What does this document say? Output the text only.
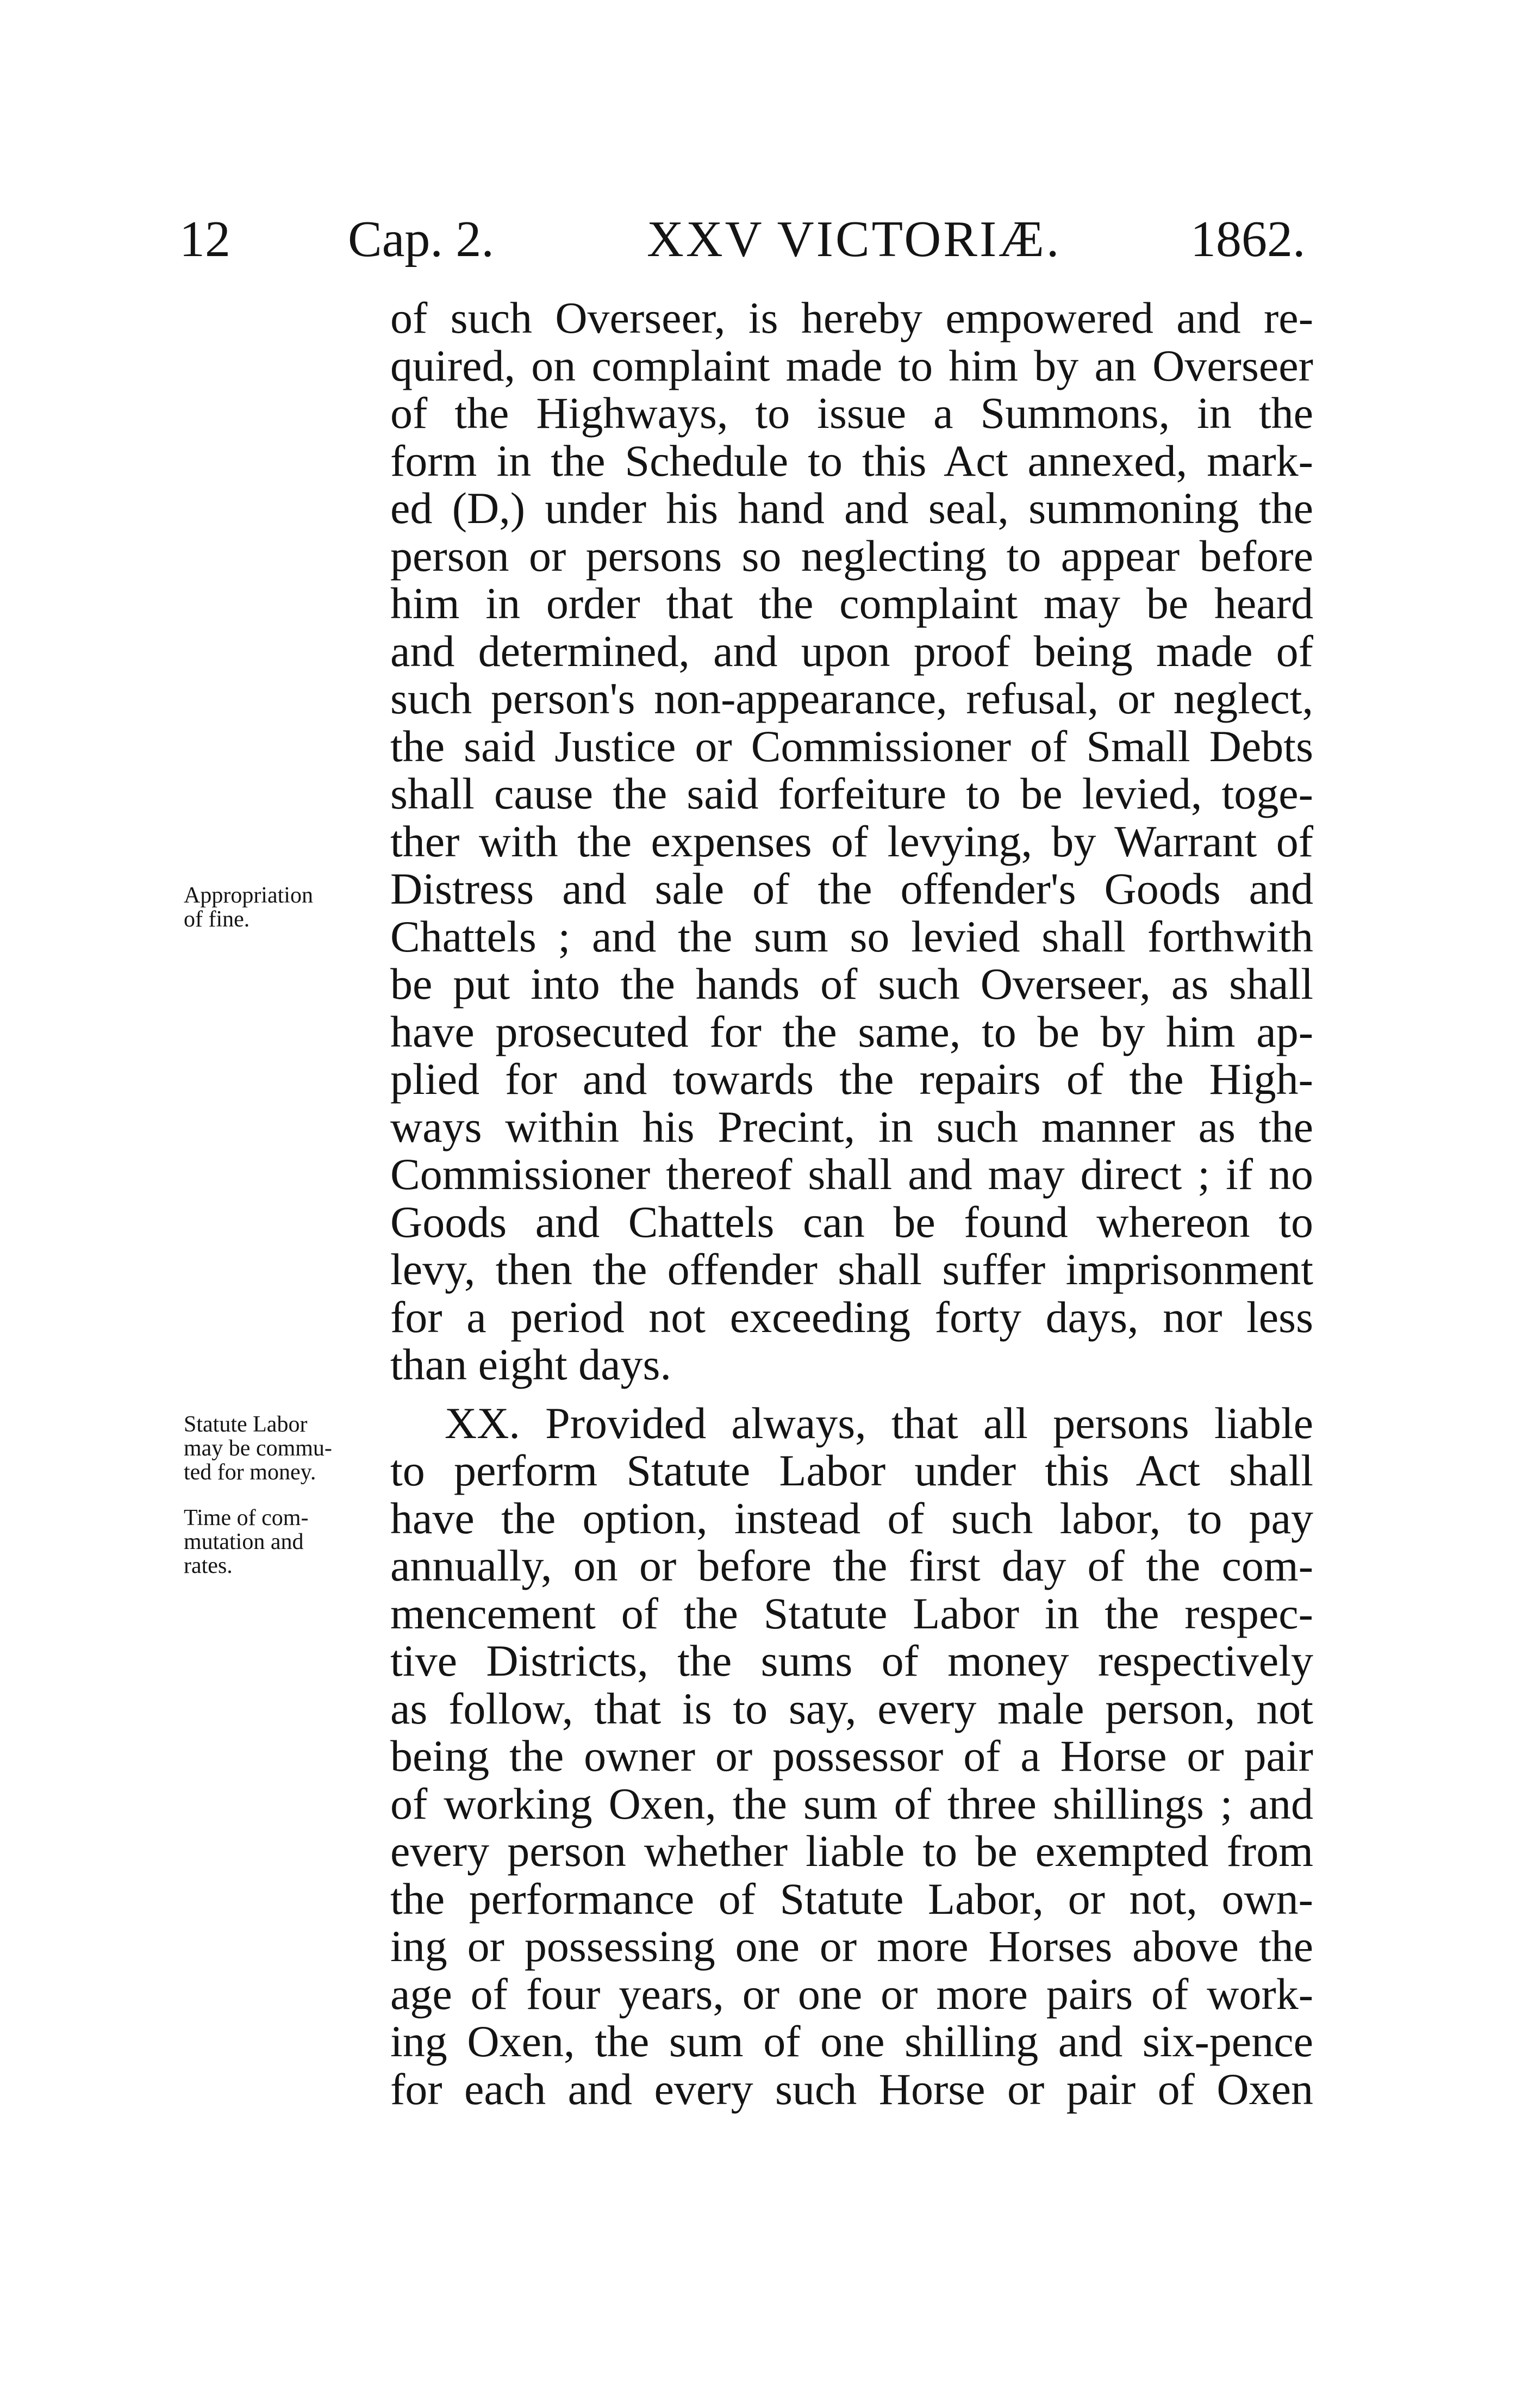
12 Cap. 2.	XXV VICTORIÆ.	1862.
of such Overseer, is hereby empowered and re-
quired, on complaint made to him by an Overseer
of the Highways, to issue a Summons, in the
form in the Schedule to this Act annexed, mark-
ed (D,) under his hand and seal, summoning the
person or persons so neglecting to appear before
him in order that the complaint may be heard
and determined, and upon proof being made of
such person's non-appearance, refusal, or neglect,
the said Justice or Commissioner of Small Debts
shall cause the said forfeiture to be levied, toge-
ther with the expenses of levying, by Warrant of
Distress and sale of the offender's Goods and
Chattels ; and the sum so levied shall forthwith
be put into the hands of such Overseer, as shall
have prosecuted for the same, to be by him ap-
plied for and towards the repairs of the High-
ways within his Precint, in such manner as the
Commissioner thereof shall and may direct ; if no
Goods and Chattels can be found whereon to
levy, then the offender shall suffer imprisonment
for a period not exceeding forty days, nor less
than eight days.
XX. Provided always, that all persons liable
to perform Statute Labor under this Act shall
have the option, instead of such labor, to pay
annually, on or before the first day of the com-
mencement of the Statute Labor in the respec-
tive Districts, the sums of money respectively
as follow, that is to say, every male person, not
being the owner or possessor of a Horse or pair
of working Oxen, the sum of three shillings ; and
every person whether liable to be exempted from
the performance of Statute Labor, or not, own-
ing or possessing one or more Horses above the
age of four years, or one or more pairs of work-
ing Oxen, the sum of one shilling and six-pence
for each and every such Horse or pair of Oxen
Appropriation
of fine.
Statute Labor
may be commu-
ted for money.
Time of com-
mutation and
rates.
